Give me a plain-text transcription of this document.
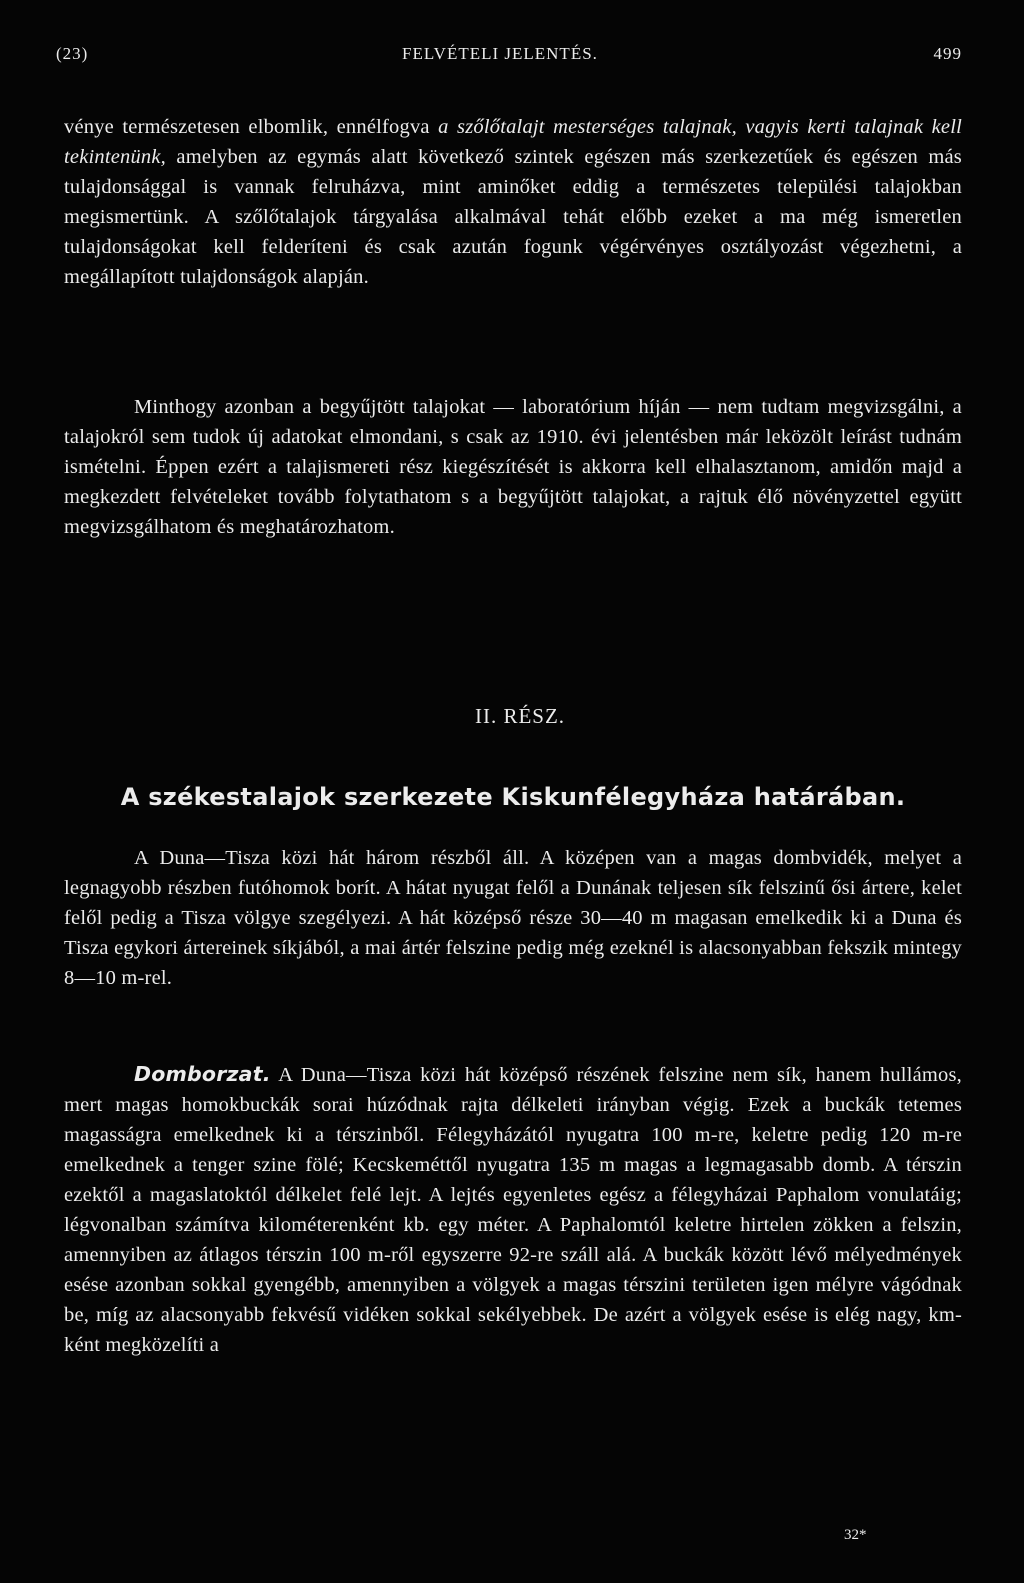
(23)	FELVÉTELI JELENTÉS.	499

vénye természetesen elbomlik, ennélfogva a szőlőtalajt mesterséges talajnak, vagyis kerti talajnak kell tekintenünk, amelyben az egymás alatt következő szintek egészen más szerkezetűek és egészen más tulajdonsággal is vannak felruházva, mint aminőket eddig a természetes települési talajokban megismertünk. A szőlőtalajok tárgyalása alkalmával tehát előbb ezeket a ma még ismeretlen tulajdonságokat kell felderíteni és csak azután fogunk végérvényes osztályozást végezhetni, a megállapított tulajdonságok alapján.

Minthogy azonban a begyűjtött talajokat — laboratórium híján — nem tudtam megvizsgálni, a talajokról sem tudok új adatokat elmondani, s csak az 1910. évi jelentésben már leközölt leírást tudnám ismételni. Éppen ezért a talajismereti rész kiegészítését is akkorra kell elhalasztanom, amidőn majd a megkezdett felvételeket tovább folytathatom s a begyűjtött talajokat, a rajtuk élő növényzettel együtt megvizsgálhatom és meghatározhatom.

II. RÉSZ.
A székestalajok szerkezete Kiskunfélegyháza határában.

A Duna—Tisza közi hát három részből áll. A középen van a magas dombvidék, melyet a legnagyobb részben futóhomok borít. A hátat nyugat felől a Dunának teljesen sík felszinű ősi ártere, kelet felől pedig a Tisza völgye szegélyezi. A hát középső része 30—40 m magasan emelkedik ki a Duna és Tisza egykori ártereinek síkjából, a mai ártér felszine pedig még ezeknél is alacsonyabban fekszik mintegy 8—10 m-rel.

Domborzat. A Duna—Tisza közi hát középső részének felszine nem sík, hanem hullámos, mert magas homokbuckák sorai húzódnak rajta délkeleti irányban végig. Ezek a buckák tetemes magasságra emelkednek ki a térszinből. Félegyházától nyugatra 100 m-re, keletre pedig 120 m-re emelkednek a tenger szine fölé; Kecskeméttől nyugatra 135 m magas a legmagasabb domb. A térszin ezektől a magaslatoktól délkelet felé lejt. A lejtés egyenletes egész a félegyházai Paphalom vonulatáig; légvonalban számítva kilométerenként kb. egy méter. A Paphalomtól keletre hirtelen zökken a felszin, amennyiben az átlagos térszin 100 m-ről egyszerre 92-re száll alá. A buckák között lévő mélyedmények esése azonban sokkal gyengébb, amennyiben a völgyek a magas térszini területen igen mélyre vágódnak be, míg az alacsonyabb fekvésű vidéken sokkal sekélyebbek. De azért a völgyek esése is elég nagy, km-ként megközelíti a

32*
